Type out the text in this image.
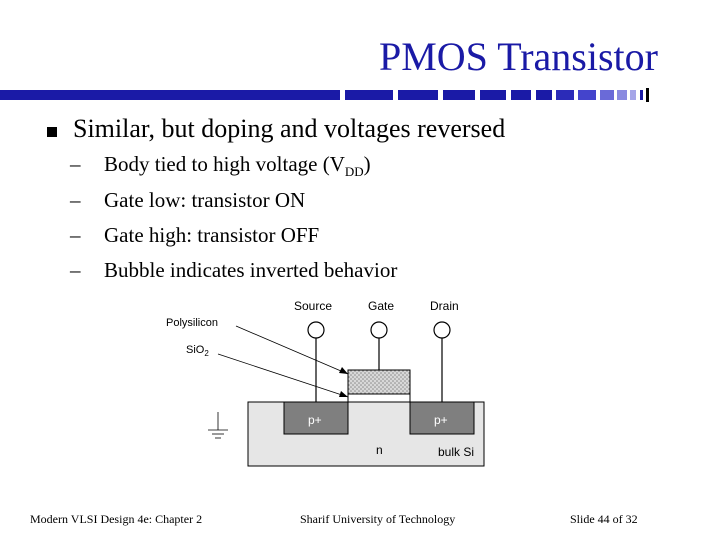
PMOS Transistor
Similar, but doping and voltages reversed
– Body tied to high voltage $(V_{DD})$
– Gate low: transistor ON
– Gate high: transistor OFF
– Bubble indicates inverted behavior
Source	Gate	Drain
Polysilicon
SiO$_2$
p+	p+
n	bulk Si
Modern VLSI Design 4e: Chapter 2	Sharif University of Technology	Slide 44 of 32
